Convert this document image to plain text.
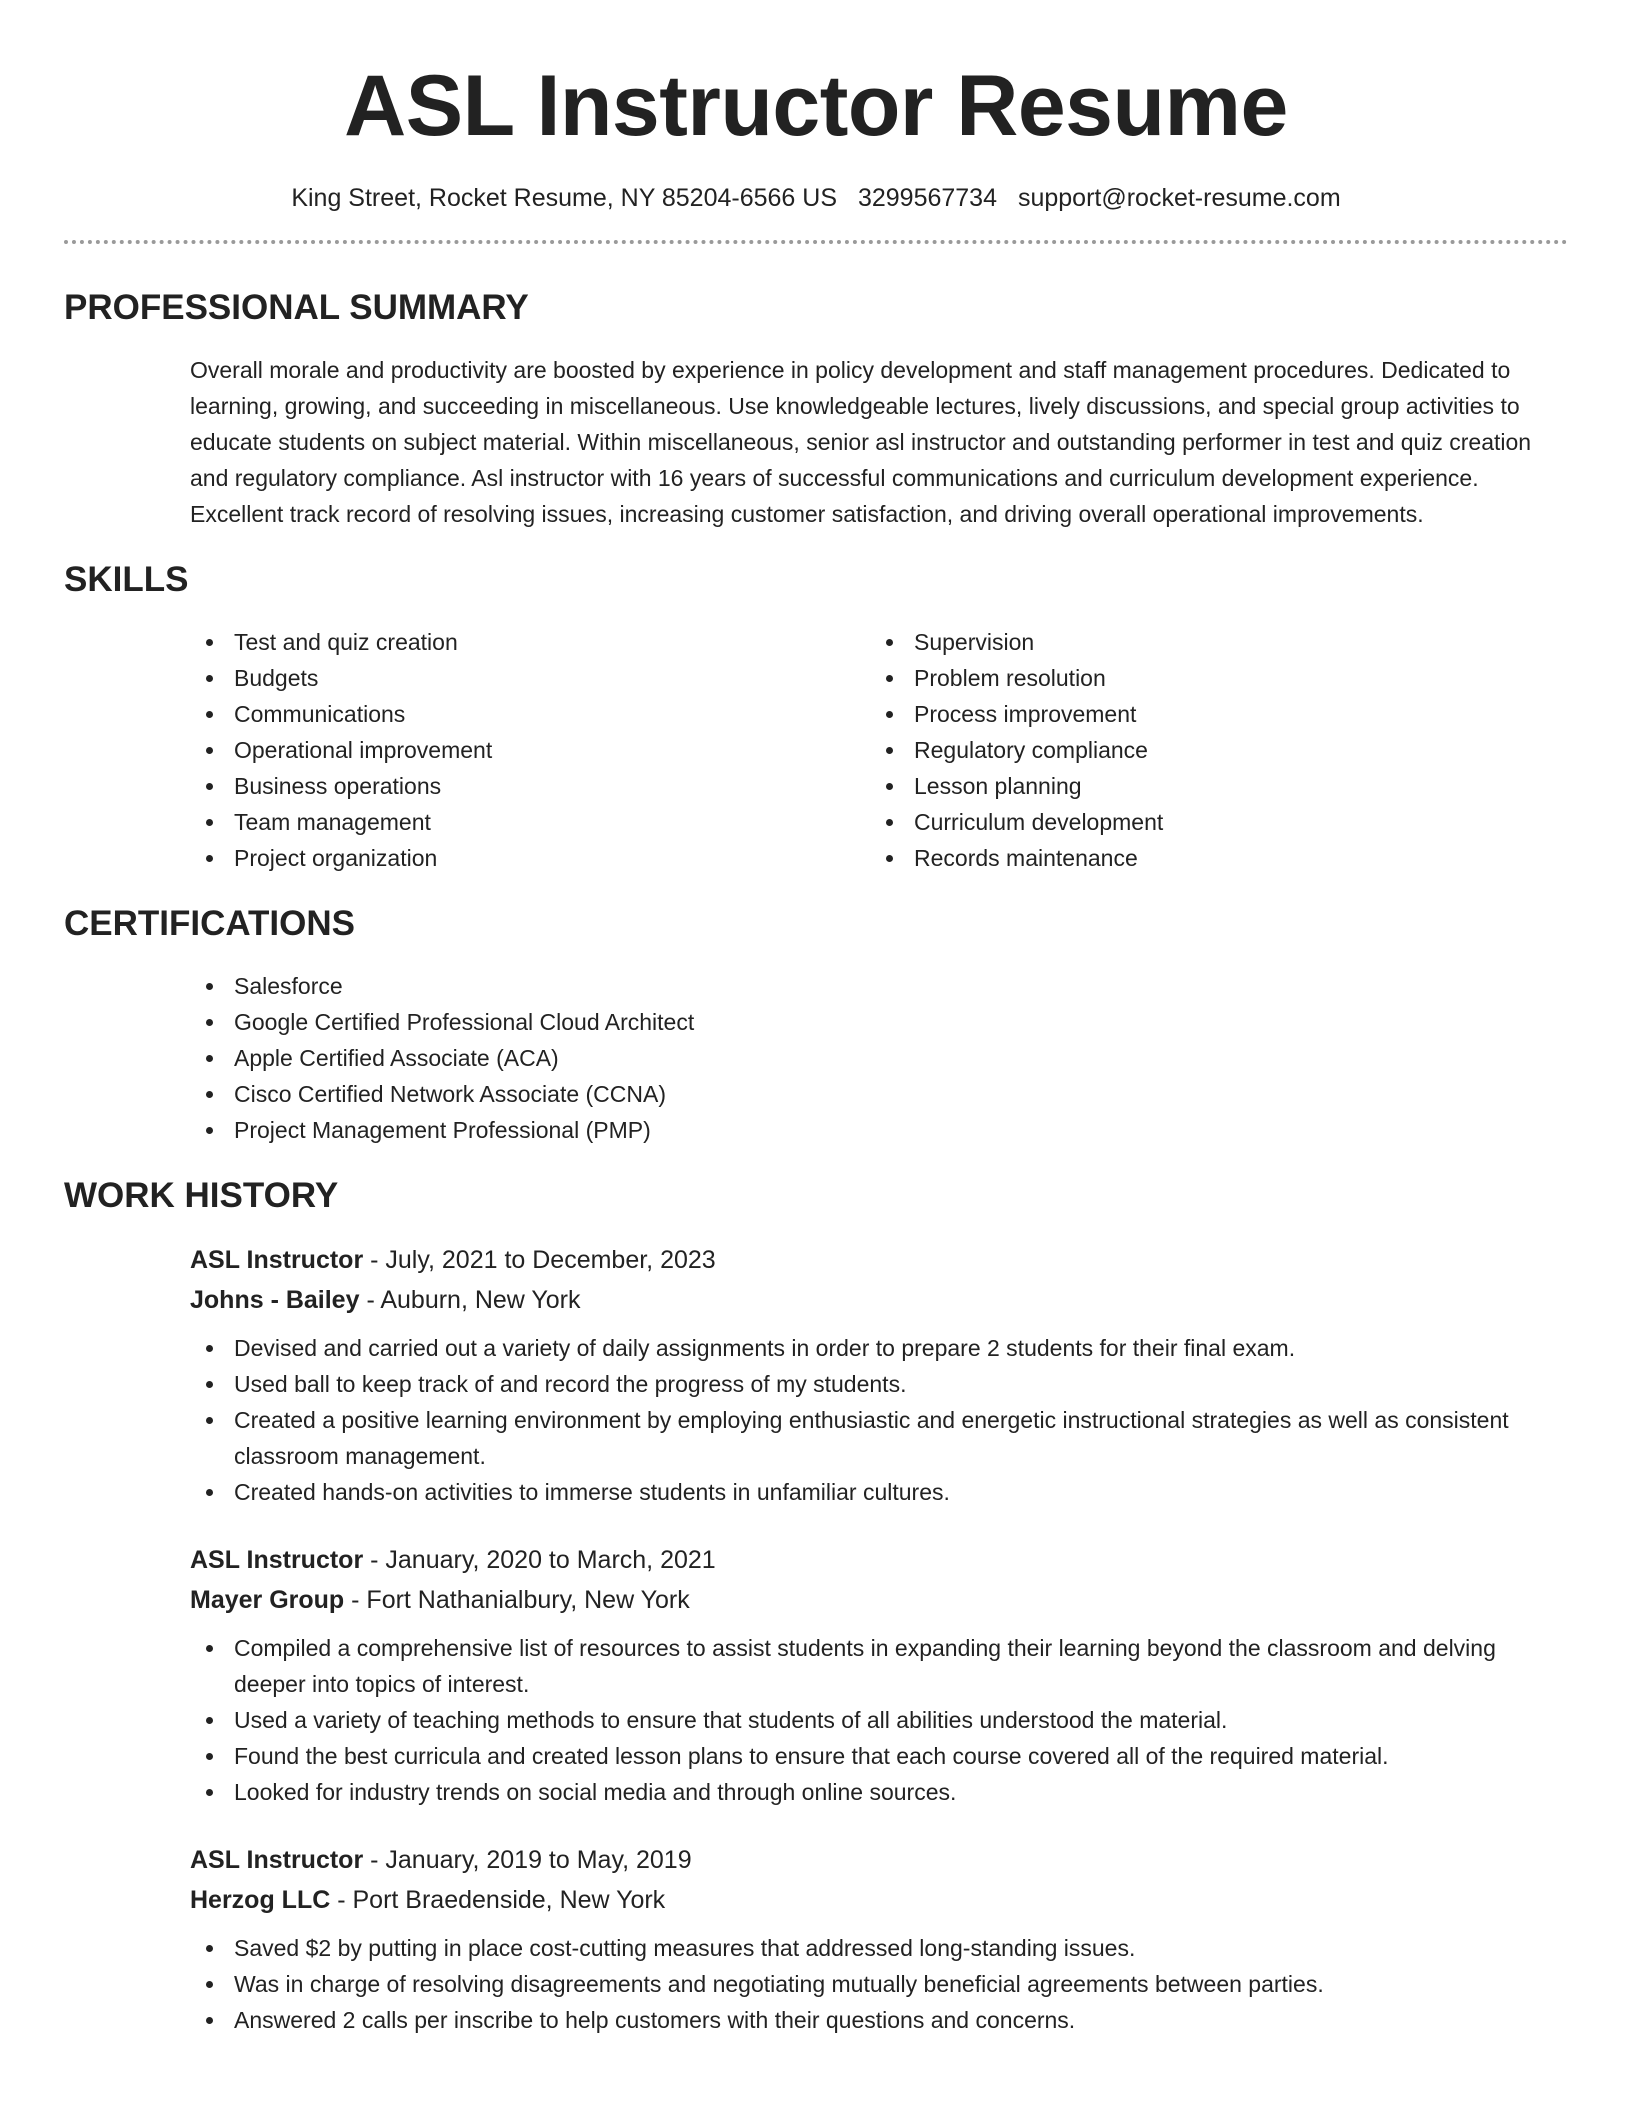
ASL Instructor Resume
King Street, Rocket Resume, NY 85204-6566 US 3299567734 support@rocket-resume.com
PROFESSIONAL SUMMARY

Overall morale and productivity are boosted by experience in policy development and staff management procedures. Dedicated to learning, growing, and succeeding in miscellaneous. Use knowledgeable lectures, lively discussions, and special group activities to educate students on subject material. Within miscellaneous, senior asl instructor and outstanding performer in test and quiz creation and regulatory compliance. Asl instructor with 16 years of successful communications and curriculum development experience. Excellent track record of resolving issues, increasing customer satisfaction, and driving overall operational improvements.

SKILLS
Test and quiz creation
Budgets
Communications
Operational improvement
Business operations
Team management
Project organization
Supervision
Problem resolution
Process improvement
Regulatory compliance
Lesson planning
Curriculum development
Records maintenance
CERTIFICATIONS
Salesforce
Google Certified Professional Cloud Architect
Apple Certified Associate (ACA)
Cisco Certified Network Associate (CCNA)
Project Management Professional (PMP)
WORK HISTORY
ASL Instructor - July, 2021 to December, 2023
Johns - Bailey - Auburn, New York
Devised and carried out a variety of daily assignments in order to prepare 2 students for their final exam.
Used ball to keep track of and record the progress of my students.
Created a positive learning environment by employing enthusiastic and energetic instructional strategies as well as consistent classroom management.
Created hands-on activities to immerse students in unfamiliar cultures.
ASL Instructor - January, 2020 to March, 2021
Mayer Group - Fort Nathanialbury, New York
Compiled a comprehensive list of resources to assist students in expanding their learning beyond the classroom and delving deeper into topics of interest.
Used a variety of teaching methods to ensure that students of all abilities understood the material.
Found the best curricula and created lesson plans to ensure that each course covered all of the required material.
Looked for industry trends on social media and through online sources.
ASL Instructor - January, 2019 to May, 2019
Herzog LLC - Port Braedenside, New York
Saved $2 by putting in place cost-cutting measures that addressed long-standing issues.
Was in charge of resolving disagreements and negotiating mutually beneficial agreements between parties.
Answered 2 calls per inscribe to help customers with their questions and concerns.
